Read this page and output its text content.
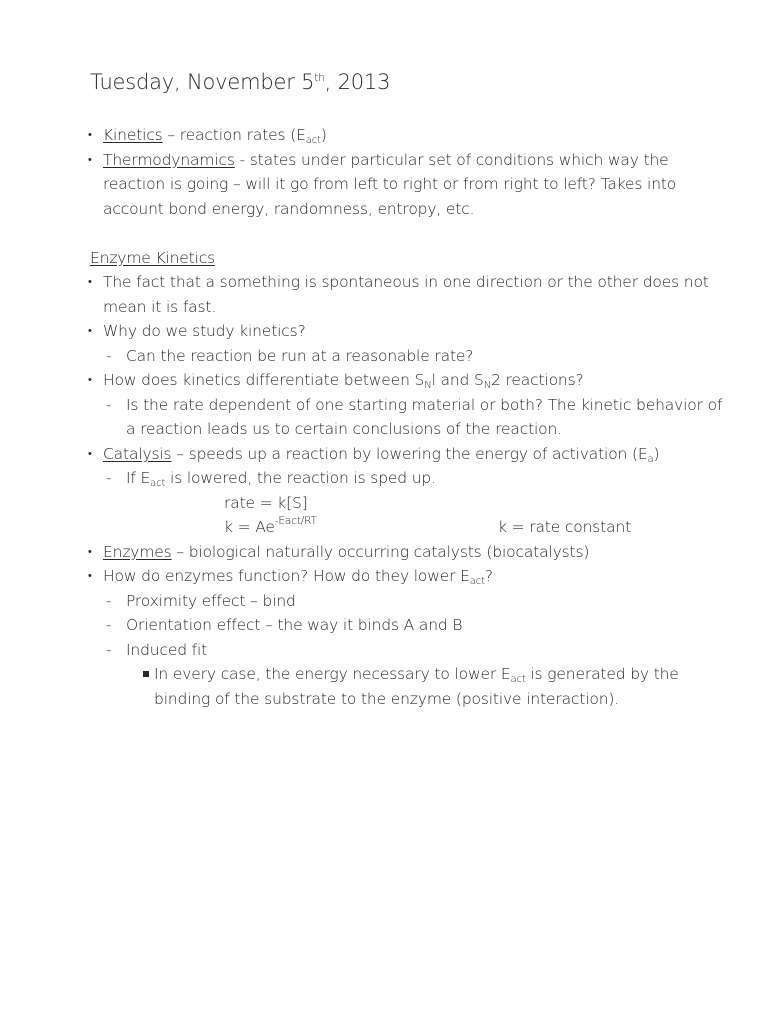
Tuesday, November 5th, 2013
• Kinetics – reaction rates $(E_{act})$
• Thermodynamics - states under particular set of conditions which way the reaction is going – will it go from left to right or from right to left? Takes into account bond energy, randomness, entropy, etc.
Enzyme Kinetics
• The fact that a something is spontaneous in one direction or the other does not mean it is fast.
• Why do we study kinetics?
- Can the reaction be run at a reasonable rate?
• How does kinetics differentiate between $S_Nl$ and $S_N2$ reactions?
- Is the rate dependent of one starting material or both? The kinetic behavior of a reaction leads us to certain conclusions of the reaction.
• Catalysis – speeds up a reaction by lowering the energy of activation $(E_a)$
- If $E_{act}$ is lowered, the reaction is sped up.
rate = k[S]
$k = Ae^{-Eact/RT}$	k = rate constant
• Enzymes – biological naturally occurring catalysts (biocatalysts)
• How do enzymes function? How do they lower $E_{act}$?
- Proximity effect – bind
- Orientation effect – the way it binds A and B
- Induced fit
In every case, the energy necessary to lower $E_{act}$ is generated by the binding of the substrate to the enzyme (positive interaction).
